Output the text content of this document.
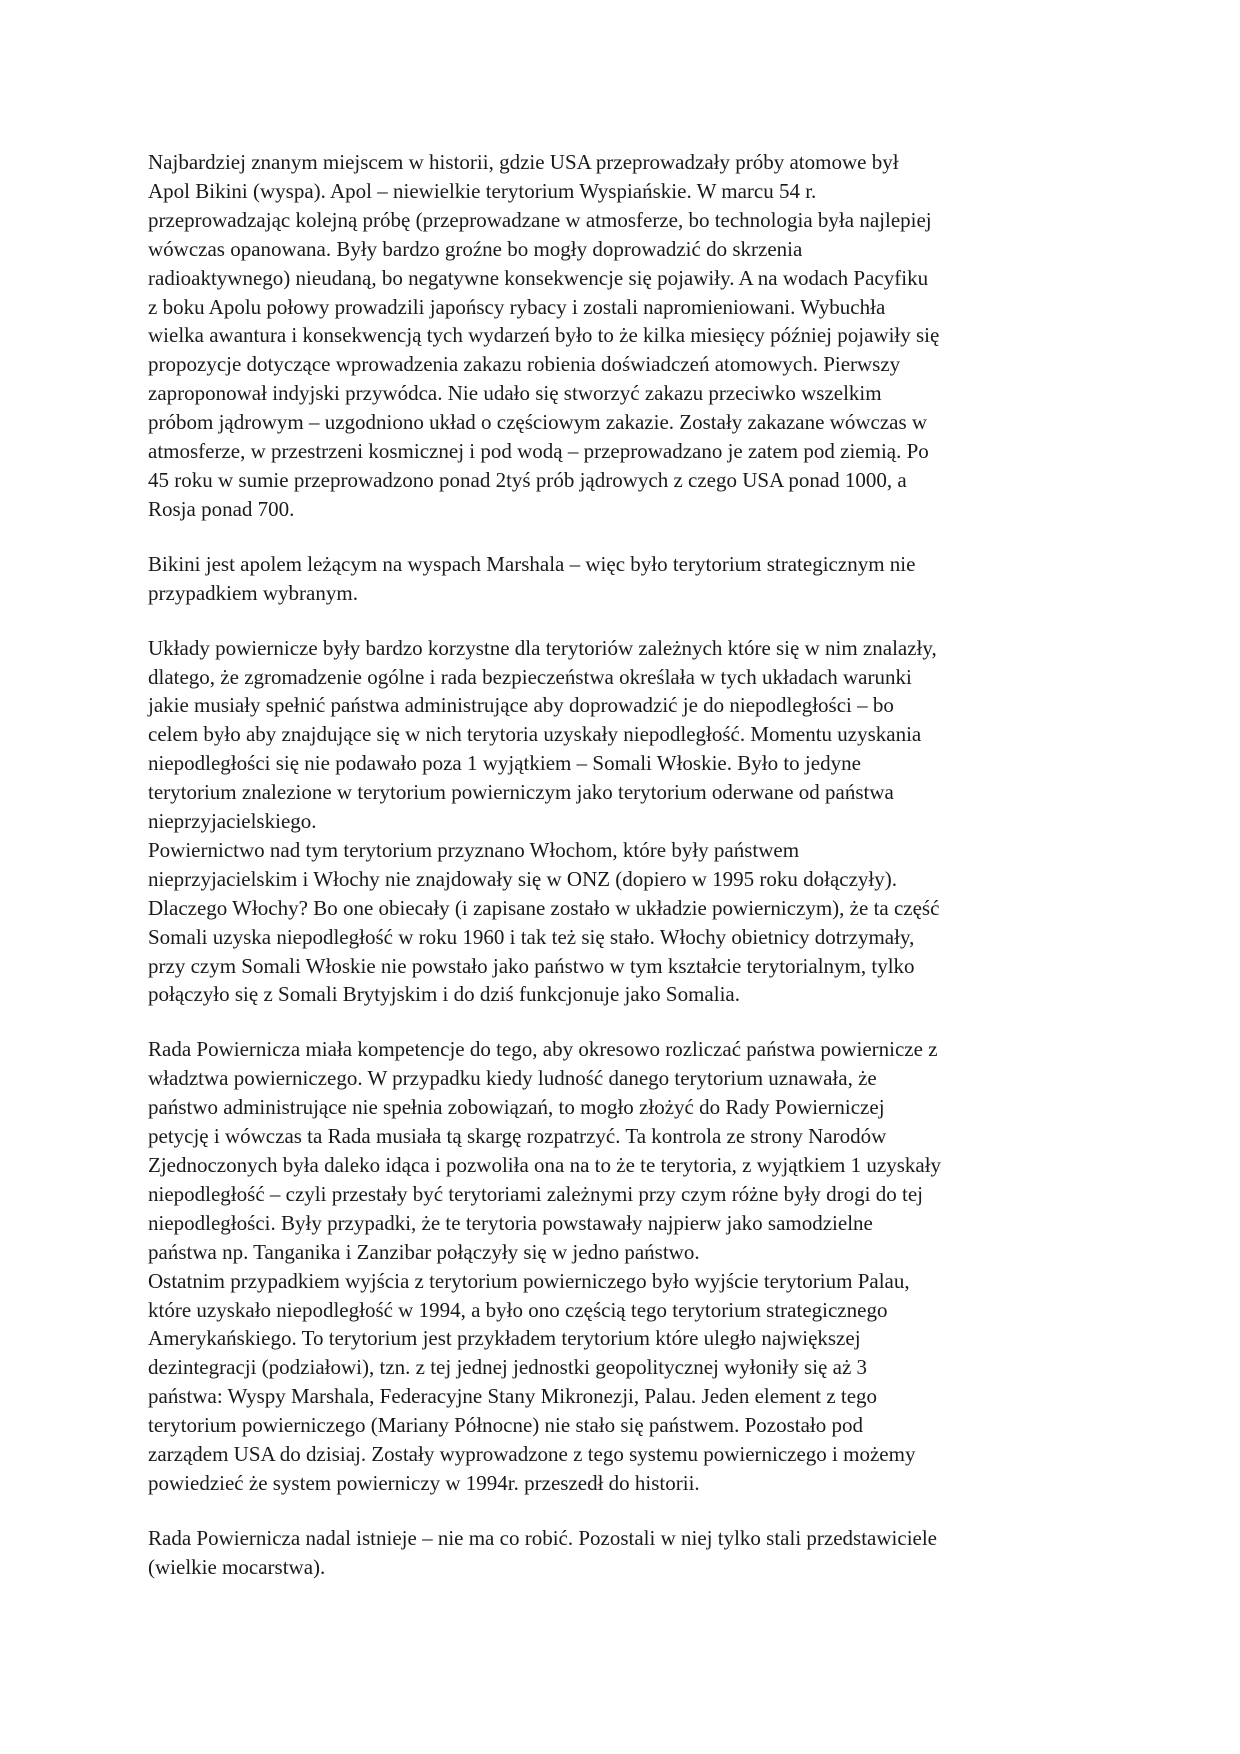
Najbardziej znanym miejscem w historii, gdzie USA przeprowadzały próby atomowe był
Apol Bikini (wyspa). Apol – niewielkie terytorium Wyspiańskie. W marcu 54 r.
przeprowadzając kolejną próbę (przeprowadzane w atmosferze, bo technologia była najlepiej
wówczas opanowana. Były bardzo groźne bo mogły doprowadzić do skrzenia
radioaktywnego) nieudaną, bo negatywne konsekwencje się pojawiły. A na wodach Pacyfiku
z boku Apolu połowy prowadzili japońscy rybacy i zostali napromieniowani. Wybuchła
wielka awantura i konsekwencją tych wydarzeń było to że kilka miesięcy później pojawiły się
propozycje dotyczące wprowadzenia zakazu robienia doświadczeń atomowych. Pierwszy
zaproponował indyjski przywódca. Nie udało się stworzyć zakazu przeciwko wszelkim
próbom jądrowym – uzgodniono układ o częściowym zakazie. Zostały zakazane wówczas w
atmosferze, w przestrzeni kosmicznej i pod wodą – przeprowadzano je zatem pod ziemią. Po
45 roku w sumie przeprowadzono ponad 2tyś prób jądrowych z czego USA ponad 1000, a
Rosja ponad 700.

Bikini jest apolem leżącym na wyspach Marshala – więc było terytorium strategicznym nie
przypadkiem wybranym.

Układy powiernicze były bardzo korzystne dla terytoriów zależnych które się w nim znalazły,
dlatego, że zgromadzenie ogólne i rada bezpieczeństwa określała w tych układach warunki
jakie musiały spełnić państwa administrujące aby doprowadzić je do niepodległości – bo
celem było aby znajdujące się w nich terytoria uzyskały niepodległość. Momentu uzyskania
niepodległości się nie podawało poza 1 wyjątkiem – Somali Włoskie. Było to jedyne
terytorium znalezione w terytorium powierniczym jako terytorium oderwane od państwa
nieprzyjacielskiego.
Powiernictwo nad tym terytorium przyznano Włochom, które były państwem
nieprzyjacielskim i Włochy nie znajdowały się w ONZ (dopiero w 1995 roku dołączyły).
Dlaczego Włochy? Bo one obiecały (i zapisane zostało w układzie powierniczym), że ta część
Somali uzyska niepodległość w roku 1960 i tak też się stało. Włochy obietnicy dotrzymały,
przy czym Somali Włoskie nie powstało jako państwo w tym kształcie terytorialnym, tylko
połączyło się z Somali Brytyjskim i do dziś funkcjonuje jako Somalia.

Rada Powiernicza miała kompetencje do tego, aby okresowo rozliczać państwa powiernicze z
władztwa powierniczego. W przypadku kiedy ludność danego terytorium uznawała, że
państwo administrujące nie spełnia zobowiązań, to mogło złożyć do Rady Powierniczej
petycję i wówczas ta Rada musiała tą skargę rozpatrzyć. Ta kontrola ze strony Narodów
Zjednoczonych była daleko idąca i pozwoliła ona na to że te terytoria, z wyjątkiem 1 uzyskały
niepodległość – czyli przestały być terytoriami zależnymi przy czym różne były drogi do tej
niepodległości. Były przypadki, że te terytoria powstawały najpierw jako samodzielne
państwa np. Tanganika i Zanzibar połączyły się w jedno państwo.
Ostatnim przypadkiem wyjścia z terytorium powierniczego było wyjście terytorium Palau,
które uzyskało niepodległość w 1994, a było ono częścią tego terytorium strategicznego
Amerykańskiego. To terytorium jest przykładem terytorium które uległo największej
dezintegracji (podziałowi), tzn. z tej jednej jednostki geopolitycznej wyłoniły się aż 3
państwa: Wyspy Marshala, Federacyjne Stany Mikronezji, Palau. Jeden element z tego
terytorium powierniczego (Mariany Północne) nie stało się państwem. Pozostało pod
zarządem USA do dzisiaj. Zostały wyprowadzone z tego systemu powierniczego i możemy
powiedzieć że system powierniczy w 1994r. przeszedł do historii.

Rada Powiernicza nadal istnieje – nie ma co robić. Pozostali w niej tylko stali przedstawiciele
(wielkie mocarstwa).
